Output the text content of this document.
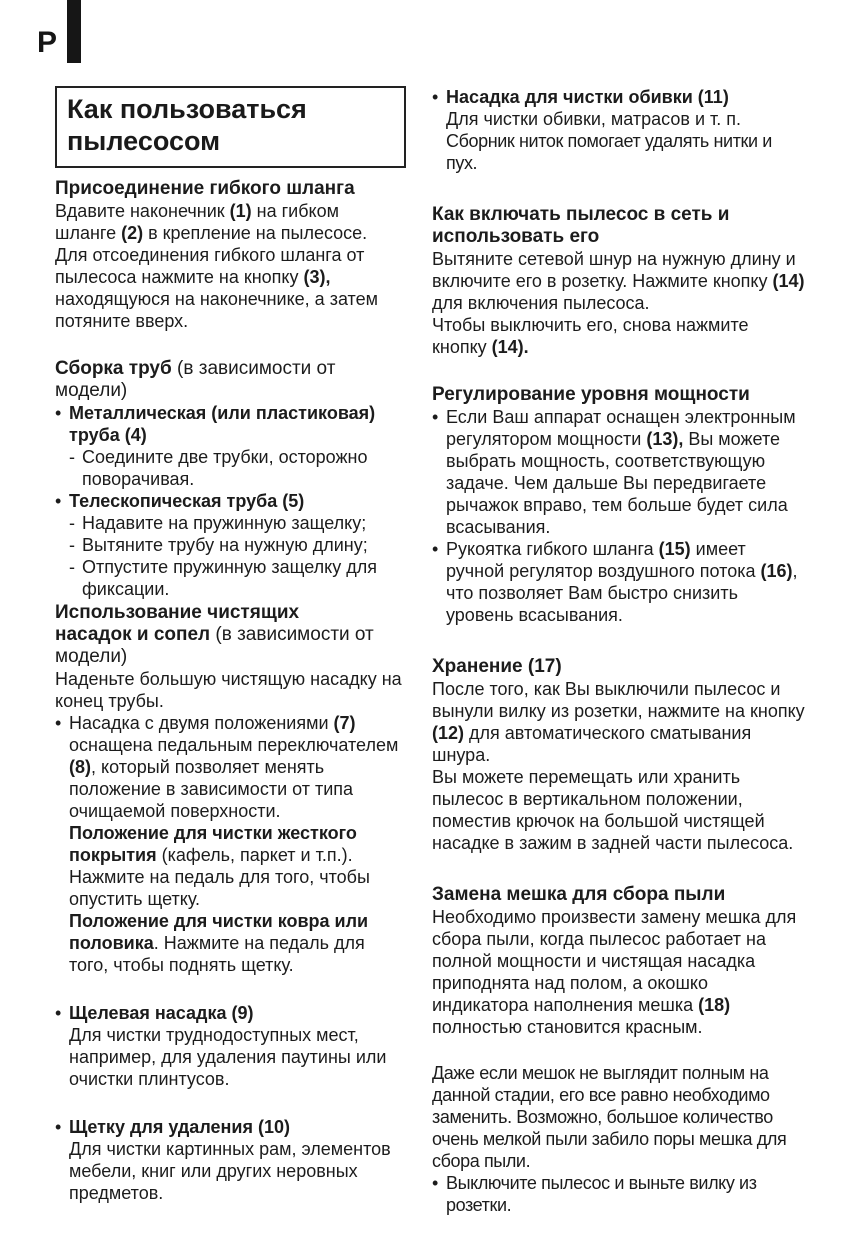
P
Как пользоваться пылесосом
Присоединение гибкого шланга

Вдавите наконечник (1) на гибком шланге (2) в крепление на пылесосе.

Для отсоединения гибкого шланга от пылесоса нажмите на кнопку (3), находящуюся на наконечнике, а затем потяните вверх.

Сборка труб (в зависимости от модели)
• Металлическая (или пластиковая) труба (4)

- Соедините две трубки, осторожно поворачивая.

• Телескопическая труба (5)

- Надавите на пружинную защелку;

- Вытяните трубу на нужную длину;

- Отпустите пружинную защелку для фиксации.

Использование чистящих насадок и сопел (в зависимости от модели)

Наденьте большую чистящую насадку на конец трубы.

• Насадка с двумя положениями (7) оснащена педальным переключателем (8), который позволяет менять положение в зависимости от типа очищаемой поверхности.

Положение для чистки жесткого покрытия (кафель, паркет и т.п.). Нажмите на педаль для того, чтобы опустить щетку.

Положение для чистки ковра или половика. Нажмите на педаль для того, чтобы поднять щетку.

• Щелевая насадка (9)

Для чистки труднодоступных мест, например, для удаления паутины или очистки плинтусов.

• Щетку для удаления (10)

Для чистки картинных рам, элементов мебели, книг или других неровных предметов.

• Насадка для чистки обивки (11)

Для чистки обивки, матрасов и т. п.

Сборник ниток помогает удалять нитки и пух.

Как включать пылесос в сеть и использовать его

Вытяните сетевой шнур на нужную длину и включите его в розетку. Нажмите кнопку (14) для включения пылесоса.

Чтобы выключить его, снова нажмите кнопку (14).

Регулирование уровня мощности
• Если Ваш аппарат оснащен электронным регулятором мощности (13), Вы можете выбрать мощность, соответствующую задаче. Чем дальше Вы передвигаете рычажок вправо, тем больше будет сила всасывания.

• Рукоятка гибкого шланга (15) имеет ручной регулятор воздушного потока (16), что позволяет Вам быстро снизить уровень всасывания.

Хранение (17)

После того, как Вы выключили пылесос и вынули вилку из розетки, нажмите на кнопку (12) для автоматического сматывания шнура.

Вы можете перемещать или хранить пылесос в вертикальном положении, поместив крючок на большой чистящей насадке в зажим в задней части пылесоса.

Замена мешка для сбора пыли

Необходимо произвести замену мешка для сбора пыли, когда пылесос работает на полной мощности и чистящая насадка приподнята над полом, а окошко индикатора наполнения мешка (18) полностью становится красным.

Даже если мешок не выглядит полным на данной стадии, его все равно необходимо заменить. Возможно, большое количество очень мелкой пыли забило поры мешка для сбора пыли.

• Выключите пылесос и выньте вилку из розетки.
